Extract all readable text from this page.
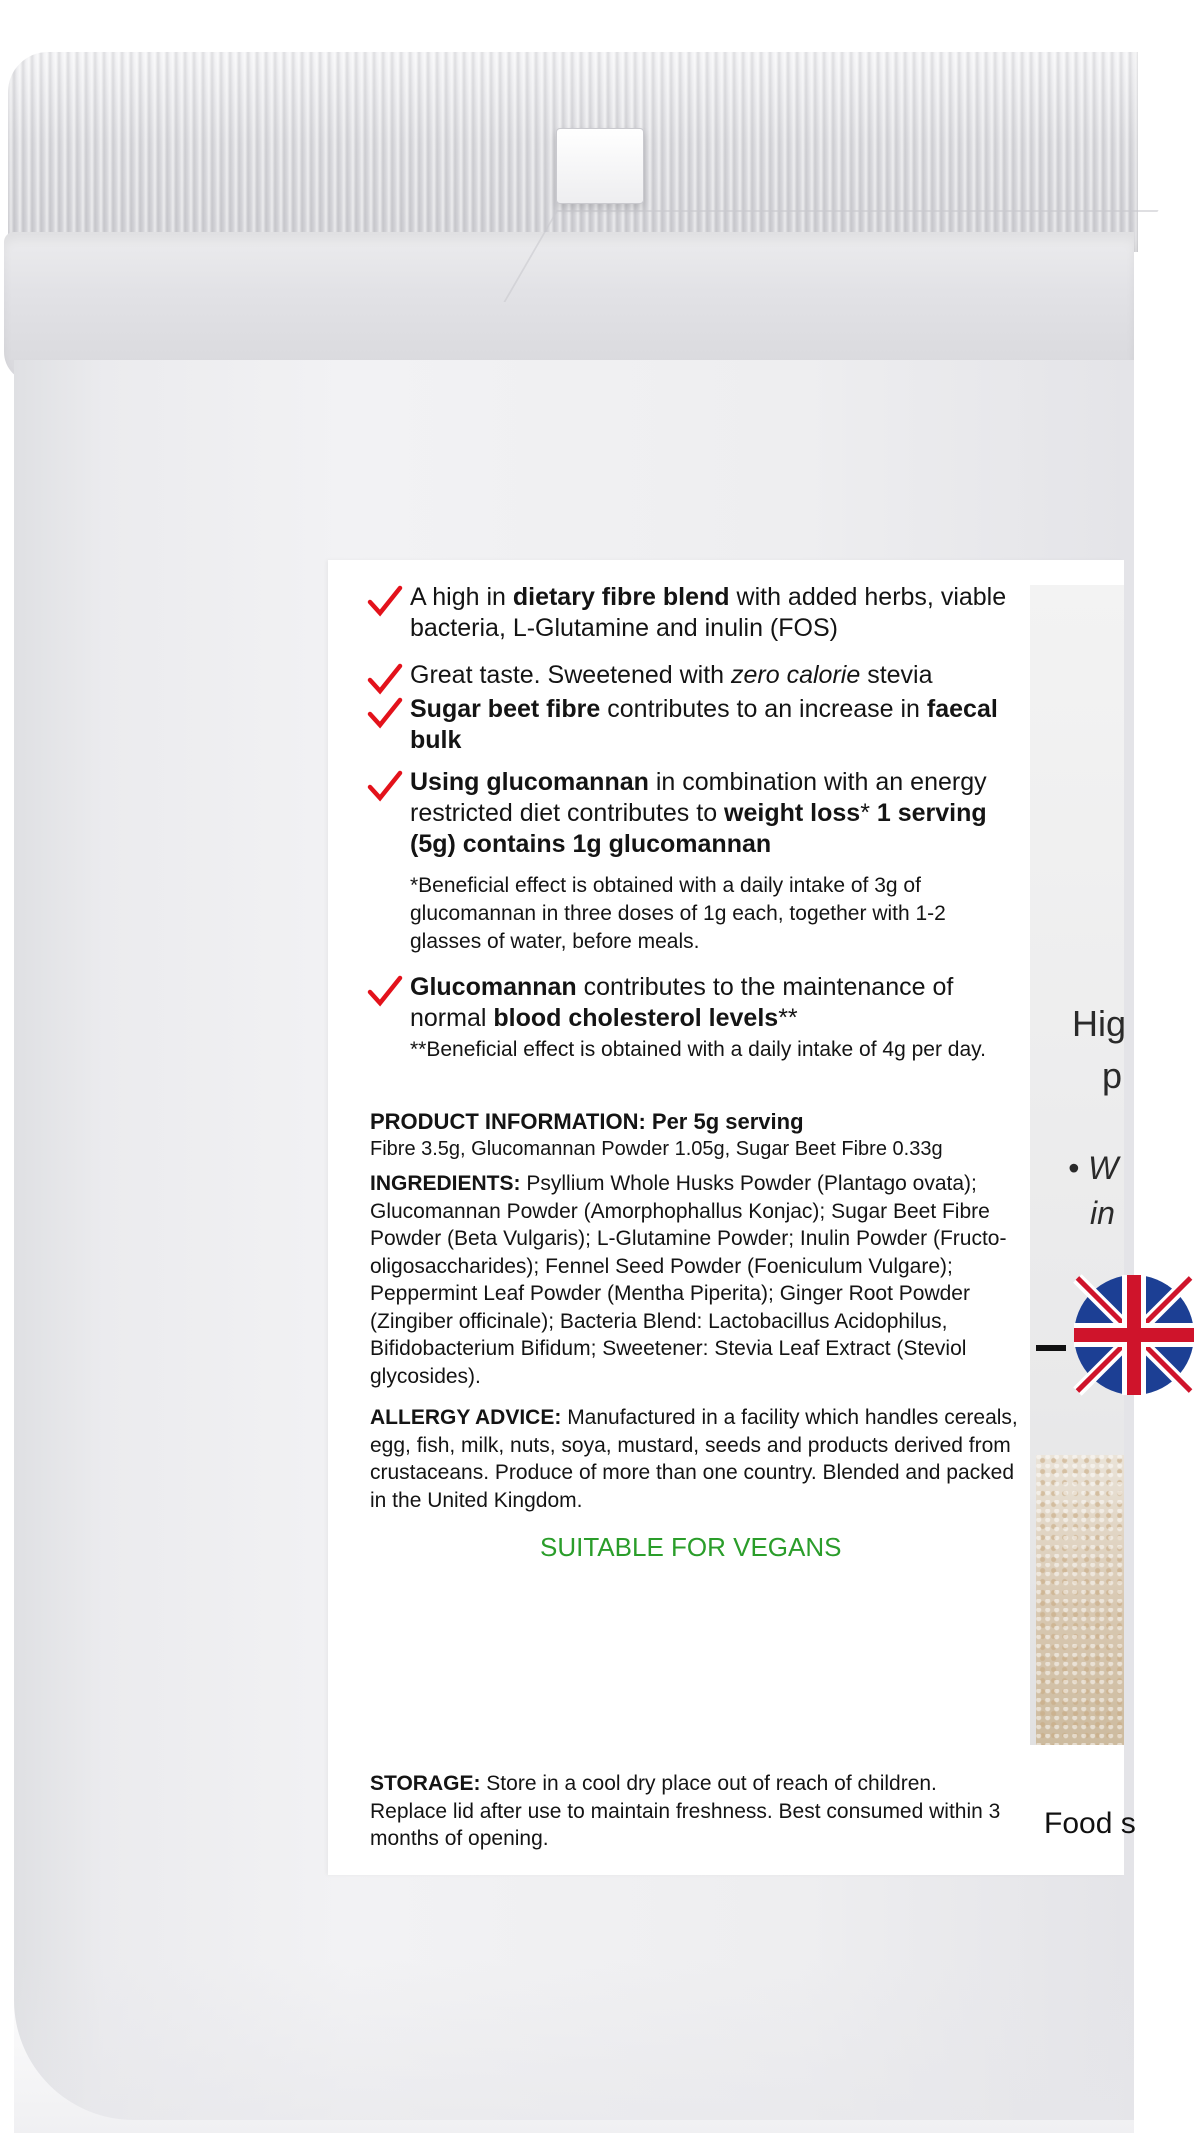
Hig
p
• W
in
Food s
A high in dietary fibre blend with added herbs, viable bacteria, L-Glutamine and inulin (FOS)
Great taste. Sweetened with zero calorie stevia
Sugar beet fibre contributes to an increase in faecal bulk
Using glucomannan in combination with an energy restricted diet contributes to weight loss* 1 serving (5g) contains 1g glucomannan
*Beneficial effect is obtained with a daily intake of 3g of glucomannan in three doses of 1g each, together with 1-2 glasses of water, before meals.
Glucomannan contributes to the maintenance of normal blood cholesterol levels**
**Beneficial effect is obtained with a daily intake of 4g per day.
PRODUCT INFORMATION: Per 5g serving
Fibre 3.5g, Glucomannan Powder 1.05g, Sugar Beet Fibre 0.33g
INGREDIENTS: Psyllium Whole Husks Powder (Plantago ovata); Glucomannan Powder (Amorphophallus Konjac); Sugar Beet Fibre Powder (Beta Vulgaris); L-Glutamine Powder; Inulin Powder (Fructo-oligosaccharides); Fennel Seed Powder (Foeniculum Vulgare); Peppermint Leaf Powder (Mentha Piperita); Ginger Root Powder (Zingiber officinale); Bacteria Blend: Lactobacillus Acidophilus, Bifidobacterium Bifidum; Sweetener: Stevia Leaf Extract (Steviol glycosides).
ALLERGY ADVICE: Manufactured in a facility which handles cereals, egg, fish, milk, nuts, soya, mustard, seeds and products derived from crustaceans. Produce of more than one country. Blended and packed in the United Kingdom.
SUITABLE FOR VEGANS
STORAGE: Store in a cool dry place out of reach of children. Replace lid after use to maintain freshness. Best consumed within 3 months of opening.
